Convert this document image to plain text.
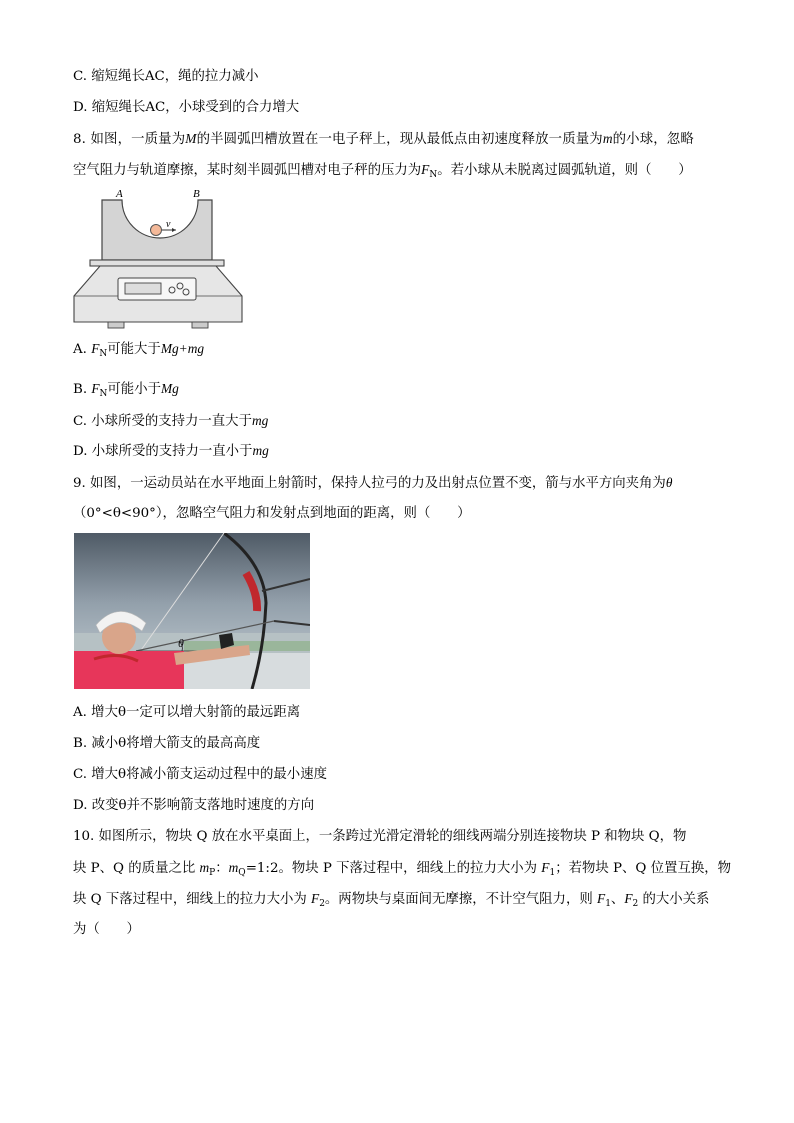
C. 缩短绳长AC，绳的拉力减小
D. 缩短绳长AC，小球受到的合力增大
8. 如图，一质量为M的半圆弧凹槽放置在一电子秤上，现从最低点由初速度释放一质量为m的小球，忽略
空气阻力与轨道摩擦，某时刻半圆弧凹槽对电子秤的压力为$F_N$。若小球从未脱离过圆弧轨道，则（　　）
v
A	B
A. $F_N$可能大于Mg+mg
B. $F_N$可能小于Mg
C. 小球所受的支持力一直大于mg
D. 小球所受的支持力一直小于mg
9. 如图，一运动员站在水平地面上射箭时，保持人拉弓的力及出射点位置不变，箭与水平方向夹角为θ
（0°<θ<90°），忽略空气阻力和发射点到地面的距离，则（　　）
θ
A. 增大θ一定可以增大射箭的最远距离
B. 减小θ将增大箭支的最高高度
C. 增大θ将减小箭支运动过程中的最小速度
D. 改变θ并不影响箭支落地时速度的方向
10. 如图所示，物块 Q 放在水平桌面上，一条跨过光滑定滑轮的细线两端分别连接物块 P 和物块 Q，物
块 P、Q 的质量之比 $m_P$：$m_Q=1:2$。物块 P 下落过程中，细线上的拉力大小为 $F_1$；若物块 P、Q 位置互换，物
块 Q 下落过程中，细线上的拉力大小为 $F_2$。两物块与桌面间无摩擦，不计空气阻力，则 $F_1$、$F_2$ 的大小关系
为（　　）
